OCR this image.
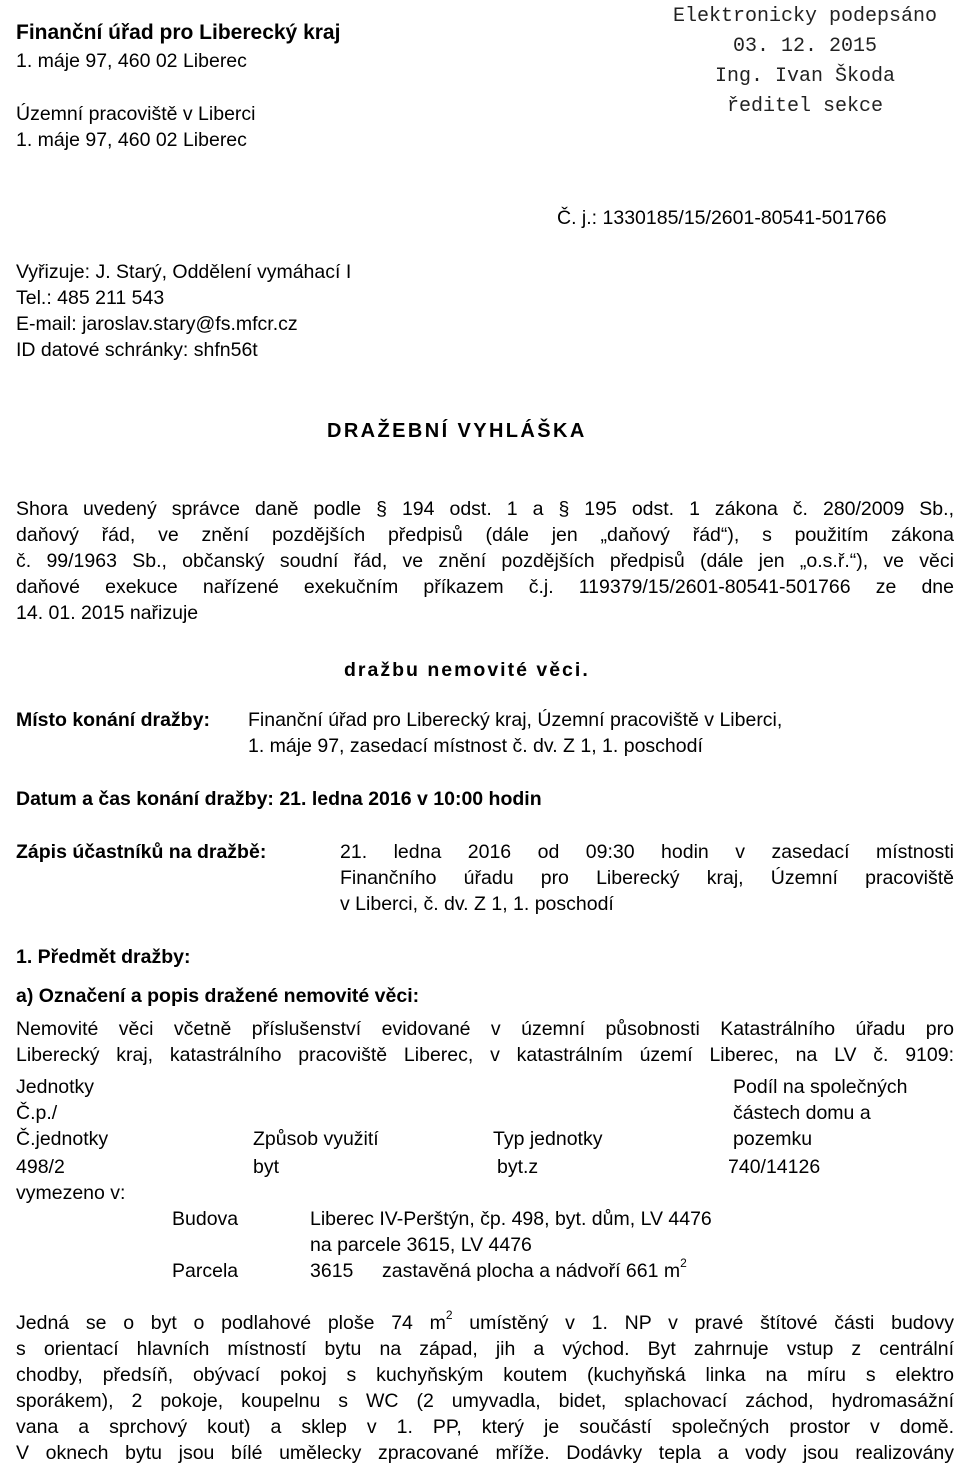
Finanční úřad pro Liberecký kraj
1. máje 97, 460 02 Liberec
Územní pracoviště v Liberci
1. máje 97, 460 02 Liberec
Elektronicky podepsáno
03. 12. 2015
Ing. Ivan Škoda
ředitel sekce
Č. j.: 1330185/15/2601-80541-501766
Vyřizuje: J. Starý, Oddělení vymáhací I
Tel.: 485 211 543
E-mail: jaroslav.stary@fs.mfcr.cz
ID datové schránky: shfn56t
DRAŽEBNÍ VYHLÁŠKA
Shora uvedený správce daně podle § 194 odst. 1 a § 195 odst. 1 zákona č. 280/2009 Sb.,
daňový řád, ve znění pozdějších předpisů (dále jen „daňový řád“), s použitím zákona
č. 99/1963 Sb., občanský soudní řád, ve znění pozdějších předpisů (dále jen „o.s.ř.“), ve věci
daňové exekuce nařízené exekučním příkazem č.j. 119379/15/2601-80541-501766 ze dne
14. 01. 2015 nařizuje
dražbu nemovité věci.
Místo konání dražby: Finanční úřad pro Liberecký kraj, Územní pracoviště v Liberci,
1. máje 97, zasedací místnost č. dv. Z 1, 1. poschodí
Datum a čas konání dražby: 21. ledna 2016 v 10:00 hodin
Zápis účastníků na dražbě:	21. ledna 2016 od 09:30 hodin v zasedací místnosti
Finančního úřadu pro Liberecký kraj, Územní pracoviště
v Liberci, č. dv. Z 1, 1. poschodí
1. Předmět dražby:
a) Označení a popis dražené nemovité věci:
Nemovité věci včetně příslušenství evidované v územní působnosti Katastrálního úřadu pro
Liberecký kraj, katastrálního pracoviště Liberec, v katastrálním území Liberec, na LV č. 9109:
Jednotky
Č.p./
Č.jednotky	Způsob využití	Typ jednotky
Podíl na společných
částech domu a
pozemku
498/2	byt	byt.z	740/14126
vymezeno v:
Budova	Liberec IV-Perštýn, čp. 498, byt. dům, LV 4476
na parcele 3615, LV 4476
Parcela	3615 zastavěná plocha a nádvoří 661 $m^2$
Jedná se o byt o podlahové ploše 74 $m^2$ umístěný v 1. NP v pravé štítové části budovy
s orientací hlavních místností bytu na západ, jih a východ. Byt zahrnuje vstup z centrální
chodby, předsíň, obývací pokoj s kuchyňským koutem (kuchyňská linka na míru s elektro
sporákem), 2 pokoje, koupelnu s WC (2 umyvadla, bidet, splachovací záchod, hydromasážní
vana a sprchový kout) a sklep v 1. PP, který je součástí společných prostor v domě.
V oknech bytu jsou bílé umělecky zpracované mříže. Dodávky tepla a vody jsou realizovány
